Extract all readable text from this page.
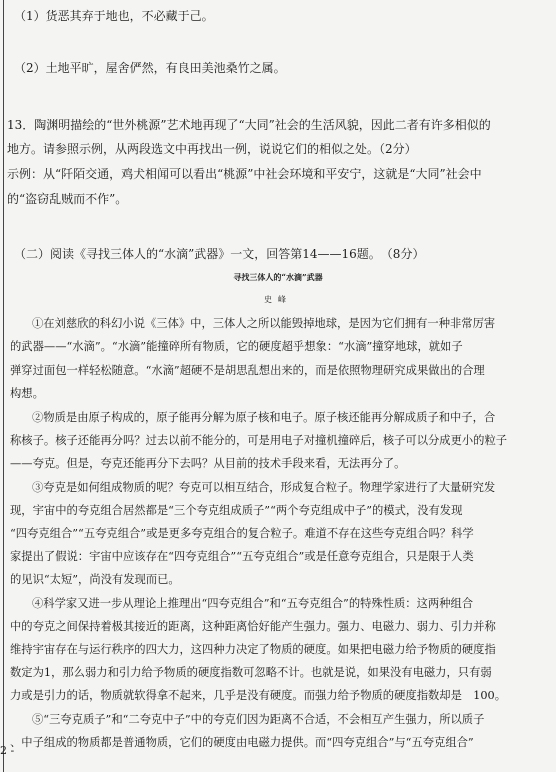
（1）货恶其弃于地也，不必藏于己。
（2）土地平旷，屋舍俨然，有良田美池桑竹之属。
13．陶渊明描绘的“世外桃源”艺术地再现了“大同”社会的生活风貌，因此二者有许多相似的
地方。请参照示例，从两段选文中再找出一例，说说它们的相似之处。（2分）
示例：从“阡陌交通，鸡犬相闻可以看出“桃源”中社会环境和平安宁，这就是“大同”社会中
的“盗窃乱贼而不作”。
（二）阅读《寻找三体人的“水滴”武器》一文，回答第14——16题。　（8分）
寻找三体人的“水滴”武器
史峰
①在刘慈欣的科幻小说《三体》中，三体人之所以能毁掉地球，是因为它们拥有一种非常厉害
的武器——“水滴”。“水滴”能撞碎所有物质，它的硬度超乎想象：“水滴”撞穿地球，就如子
弹穿过面包一样轻松随意。“水滴”超硬不是胡思乱想出来的，而是依照物理研究成果做出的合理
构想。
②物质是由原子构成的，原子能再分解为原子核和电子。原子核还能再分解成质子和中子，合
称核子。核子还能再分吗？过去以前不能分的，可是用电子对撞机撞碎后，核子可以分成更小的粒子
——夸克。但是，夸克还能再分下去吗？从目前的技术手段来看，无法再分了。
③夸克是如何组成物质的呢？夸克可以相互结合，形成复合粒子。物理学家进行了大量研究发
现，宇宙中的夸克组合居然都是“三个夸克组成质子”“两个夸克组成中子”的模式，没有发现
“四夸克组合”“五夸克组合”或是更多夸克组合的复合粒子。难道不存在这些夸克组合吗？科学
家提出了假说：宇宙中应该存在“四夸克组合”“五夸克组合”或是任意夸克组合，只是限于人类
的见识“太短”，尚没有发现而已。
④科学家又进一步从理论上推理出“四夸克组合”和“五夸克组合”的特殊性质：这两种组合
中的夸克之间保持着极其接近的距离，这种距离恰好能产生强力。强力、电磁力、弱力、引力并称
维持宇宙存在与运行秩序的四大力，这四种力决定了物质的硬度。如果把电磁力给予物质的硬度指
数定为1，那么弱力和引力给予物质的硬度指数可忽略不计。也就是说，如果没有电磁力，只有弱
力或是引力的话，物质就软得拿不起来，几乎是没有硬度。而强力给予物质的硬度指数却是　100。
⑤“三夸克质子”和“二夸克中子”中的夸克们因为距离不合适，不会相互产生强力，所以质子
、中子组成的物质都是普通物质，它们的硬度由电磁力提供。而“四夸克组合”与“五夸克组合”
2 -
